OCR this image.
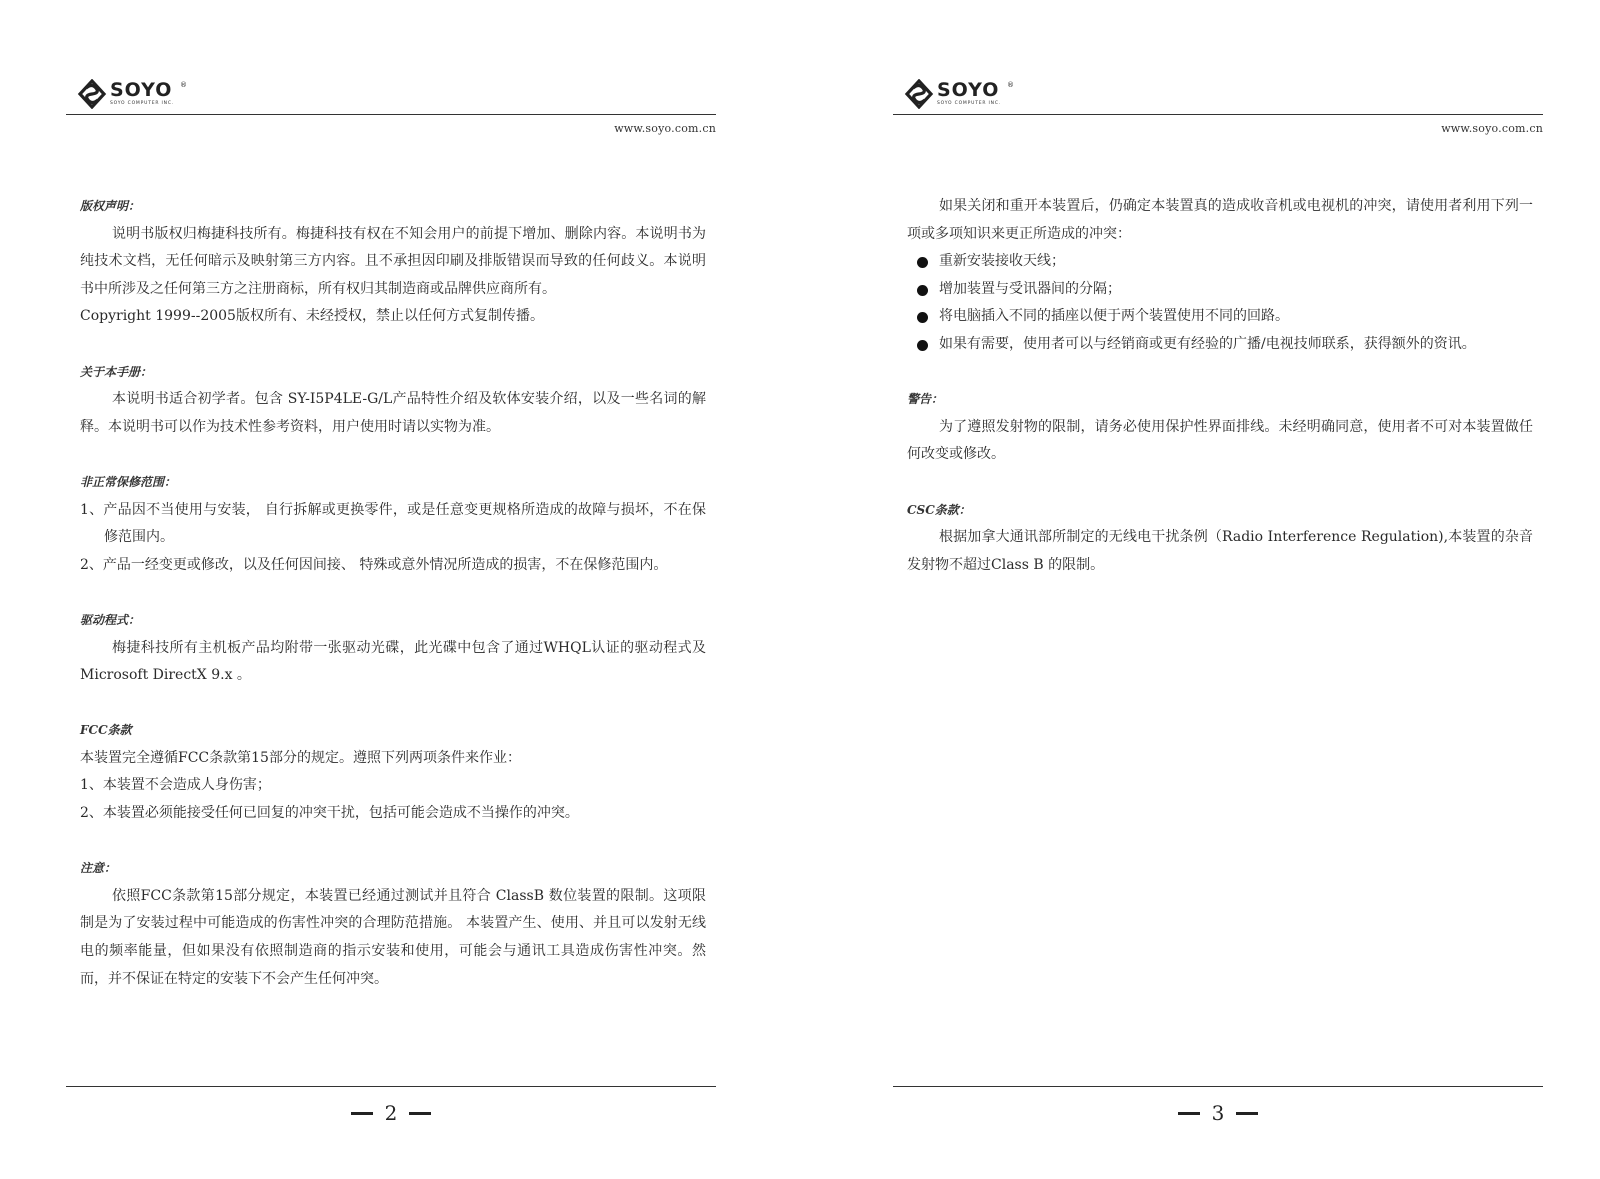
SOYO ®
SOYO COMPUTER INC.
www.soyo.com.cn
版权声明：

说明书版权归梅捷科技所有。梅捷科技有权在不知会用户的前提下增加、删除内容。本说明书为纯技术文档，无任何暗示及映射第三方内容。且不承担因印刷及排版错误而导致的任何歧义。本说明书中所涉及之任何第三方之注册商标，所有权归其制造商或品牌供应商所有。

Copyright 1999--2005版权所有、未经授权，禁止以任何方式复制传播。

关于本手册：

本说明书适合初学者。包含 SY-I5P4LE-G/L产品特性介绍及软体安装介绍，以及一些名词的解释。本说明书可以作为技术性参考资料，用户使用时请以实物为准。

非正常保修范围：

1、产品因不当使用与安装， 自行拆解或更换零件，或是任意变更规格所造成的故障与损坏，不在保修范围内。

2、产品一经变更或修改，以及任何因间接、 特殊或意外情况所造成的损害，不在保修范围内。

驱动程式：

梅捷科技所有主机板产品均附带一张驱动光碟，此光碟中包含了通过WHQL认证的驱动程式及Microsoft DirectX 9.x 。

FCC条款

本装置完全遵循FCC条款第15部分的规定。遵照下列两项条件来作业：

1、本装置不会造成人身伤害；

2、本装置必须能接受任何已回复的冲突干扰，包括可能会造成不当操作的冲突。

注意：

依照FCC条款第15部分规定，本装置已经通过测试并且符合 ClassB 数位装置的限制。这项限制是为了安装过程中可能造成的伤害性冲突的合理防范措施。 本装置产生、使用、并且可以发射无线电的频率能量，但如果没有依照制造商的指示安装和使用，可能会与通讯工具造成伤害性冲突。然而，并不保证在特定的安装下不会产生任何冲突。

2
SOYO ®
SOYO COMPUTER INC.
www.soyo.com.cn

如果关闭和重开本装置后，仍确定本装置真的造成收音机或电视机的冲突，请使用者利用下列一项或多项知识来更正所造成的冲突：

重新安装接收天线；

增加装置与受讯器间的分隔；

将电脑插入不同的插座以便于两个装置使用不同的回路。

如果有需要，使用者可以与经销商或更有经验的广播/电视技师联系，获得额外的资讯。

警告：

为了遵照发射物的限制，请务必使用保护性界面排线。未经明确同意，使用者不可对本装置做任何改变或修改。

CSC条款：

根据加拿大通讯部所制定的无线电干扰条例（Radio Interference Regulation),本装置的杂音发射物不超过Class B 的限制。

3
